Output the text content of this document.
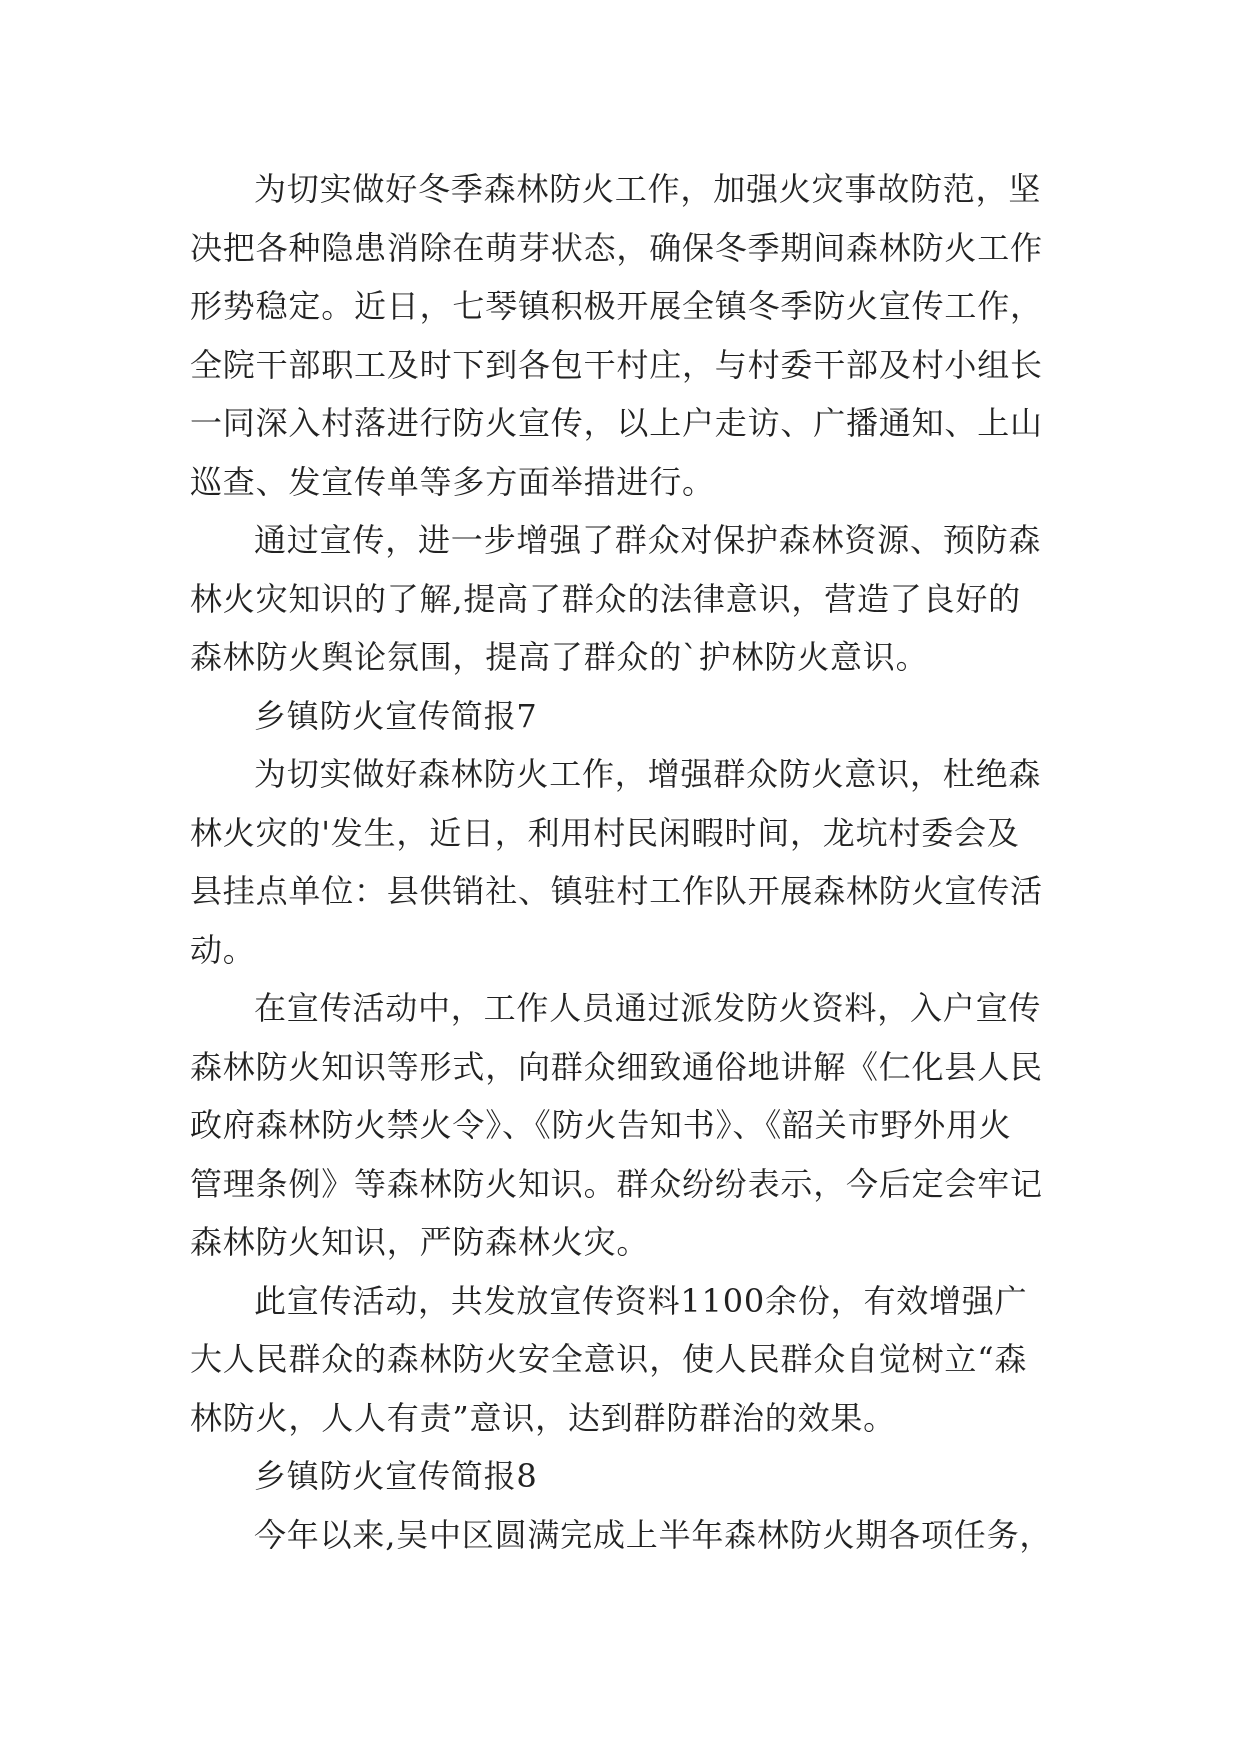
为切实做好冬季森林防火工作，加强火灾事故防范，坚
决把各种隐患消除在萌芽状态，确保冬季期间森林防火工作
形势稳定。近日，七琴镇积极开展全镇冬季防火宣传工作，
全院干部职工及时下到各包干村庄，与村委干部及村小组长
一同深入村落进行防火宣传，以上户走访、广播通知、上山
巡查、发宣传单等多方面举措进行。
通过宣传，进一步增强了群众对保护森林资源、预防森
林火灾知识的了解,提高了群众的法律意识，营造了良好的
森林防火舆论氛围，提高了群众的`护林防火意识。
乡镇防火宣传简报7
为切实做好森林防火工作，增强群众防火意识，杜绝森
林火灾的'发生，近日，利用村民闲暇时间，龙坑村委会及
县挂点单位：县供销社、镇驻村工作队开展森林防火宣传活
动。
在宣传活动中，工作人员通过派发防火资料，入户宣传
森林防火知识等形式，向群众细致通俗地讲解《仁化县人民
政府森林防火禁火令》、《防火告知书》、《韶关市野外用火
管理条例》等森林防火知识。群众纷纷表示，今后定会牢记
森林防火知识，严防森林火灾。
此宣传活动，共发放宣传资料1100余份，有效增强广
大人民群众的森林防火安全意识，使人民群众自觉树立“森
林防火，人人有责”意识，达到群防群治的效果。
乡镇防火宣传简报8
今年以来,吴中区圆满完成上半年森林防火期各项任务，
